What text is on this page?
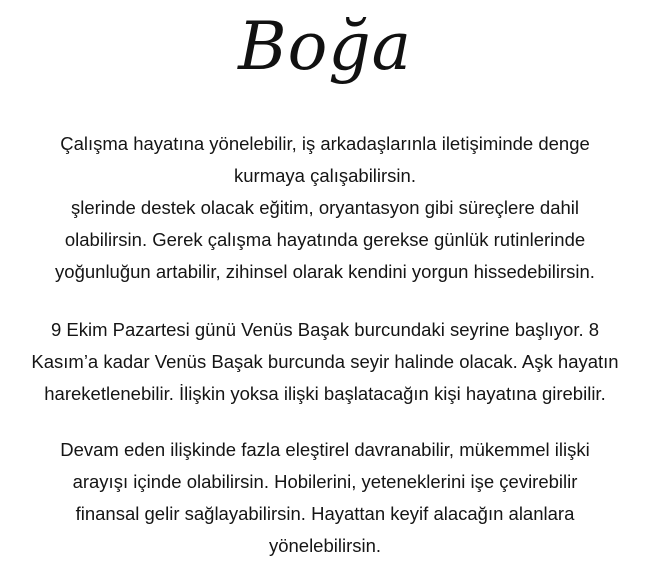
Boğa
Çalışma hayatına yönelebilir, iş arkadaşlarınla iletişiminde denge
kurmaya çalışabilirsin.
şlerinde destek olacak eğitim, oryantasyon gibi süreçlere dahil
olabilirsin. Gerek çalışma hayatında gerekse günlük rutinlerinde
yoğunluğun artabilir, zihinsel olarak kendini yorgun hissedebilirsin.
9 Ekim Pazartesi günü Venüs Başak burcundaki seyrine başlıyor. 8
Kasım’a kadar Venüs Başak burcunda seyir halinde olacak. Aşk hayatın
hareketlenebilir. İlişkin yoksa ilişki başlatacağın kişi hayatına girebilir.
Devam eden ilişkinde fazla eleştirel davranabilir, mükemmel ilişki
arayışı içinde olabilirsin. Hobilerini, yeteneklerini işe çevirebilir
finansal gelir sağlayabilirsin. Hayattan keyif alacağın alanlara
yönelebilirsin.
